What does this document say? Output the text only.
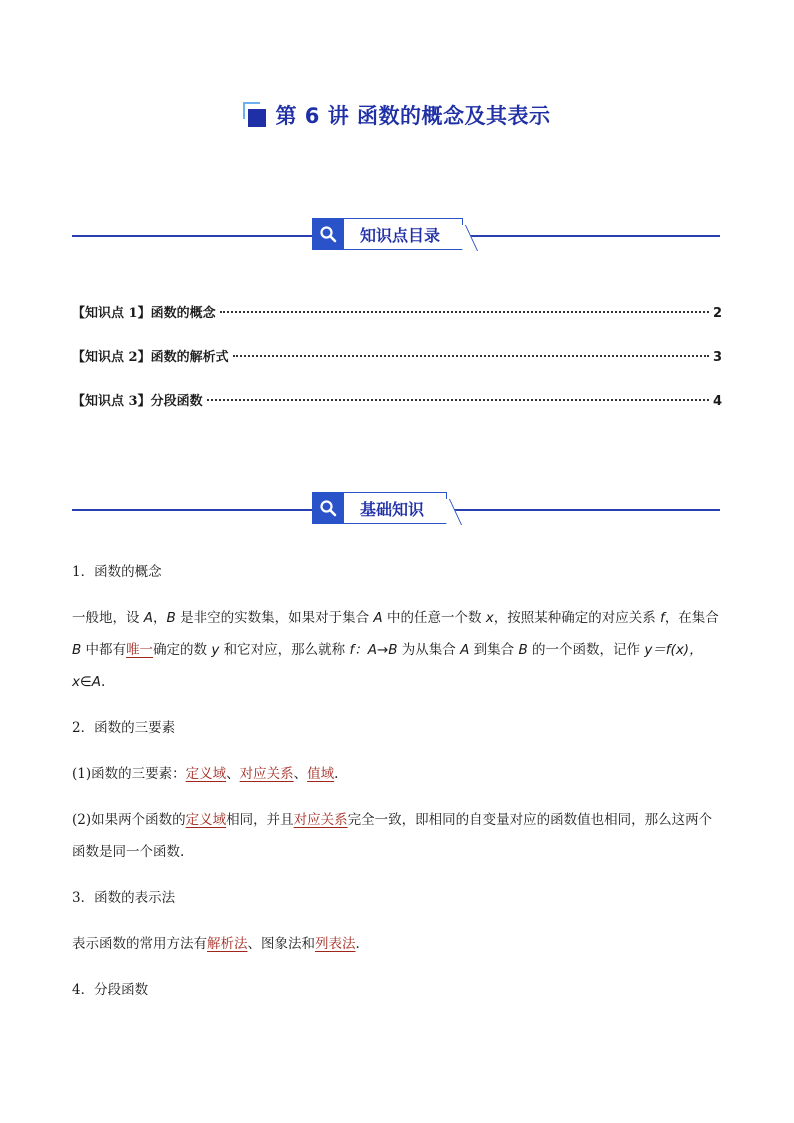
第 6 讲 函数的概念及其表示
知识点目录
【知识点 1】函数的概念	2
【知识点 2】函数的解析式	3
【知识点 3】分段函数	4
基础知识

1．函数的概念

一般地，设 A，B 是非空的实数集，如果对于集合 A 中的任意一个数 x，按照某种确定的对应关系 f，在集合 B 中都有唯一确定的数 y 和它对应，那么就称 f：A→B 为从集合 A 到集合 B 的一个函数，记作 y＝f(x)，x∈A.

2．函数的三要素

(1)函数的三要素：定义域、对应关系、值域.

(2)如果两个函数的定义域相同，并且对应关系完全一致，即相同的自变量对应的函数值也相同，那么这两个函数是同一个函数.

3．函数的表示法

表示函数的常用方法有解析法、图象法和列表法.

4．分段函数
